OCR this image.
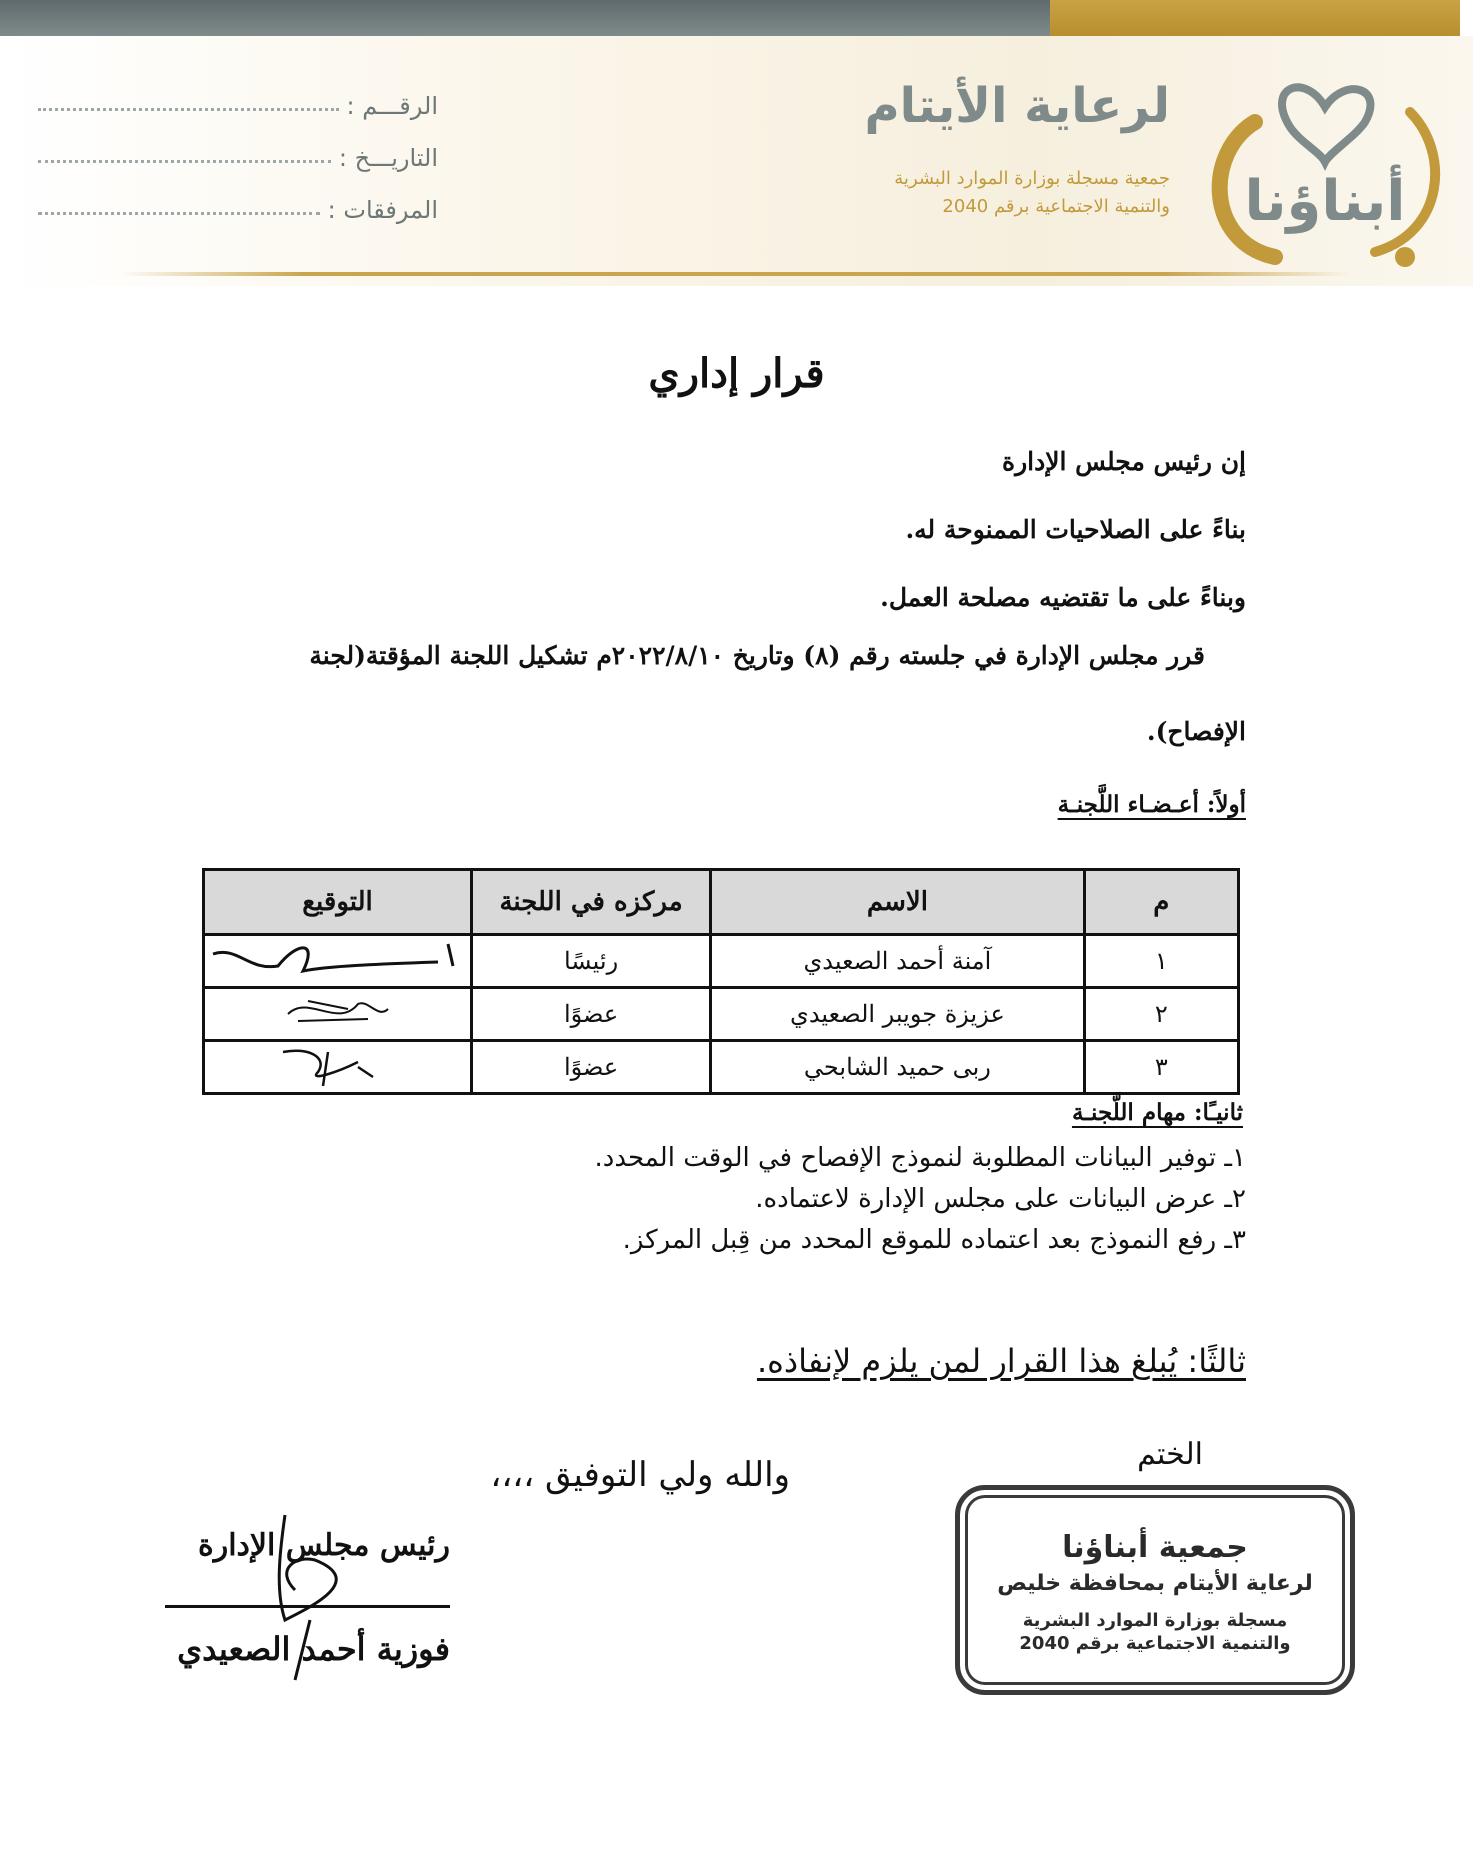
الرقـــم :
التاريـــخ :
المرفقات :
لرعاية الأيتام
جمعية مسجلة بوزارة الموارد البشرية
والتنمية الاجتماعية برقم 2040 أبناؤنا
قرار إداري
إن رئيس مجلس الإدارة
بناءً على الصلاحيات الممنوحة له.
وبناءً على ما تقتضيه مصلحة العمل.
قرر مجلس الإدارة في جلسته رقم (٨) وتاريخ ٢٠٢٢/٨/١٠م تشكيل اللجنة المؤقتة(لجنة
الإفصاح).
أولاً: أعـضـاء اللَّجنـة
م	الاسم	مركزه في اللجنة	التوقيع
١	آمنة أحمد الصعيدي	رئيسًا	
٢	عزيزة جويبر الصعيدي	عضوًا	
٣	ربى حميد الشابحي	عضوًا	
ثانيـًا: مهام اللَّجنـة
١ـ توفير البيانات المطلوبة لنموذج الإفصاح في الوقت المحدد.
٢ـ عرض البيانات على مجلس الإدارة لاعتماده.
٣ـ رفع النموذج بعد اعتماده للموقع المحدد من قِبل المركز.
ثالثًا: يُبلغ هذا القرار لمن يلزم لإنفاذه.
والله ولي التوفيق ،،،،
الختم
رئيس مجلس الإدارة
فوزية أحمد الصعيدي
جمعية أبناؤنا
لرعاية الأيتام بمحافظة خليص
مسجلة بوزارة الموارد البشرية
والتنمية الاجتماعية برقم 2040
